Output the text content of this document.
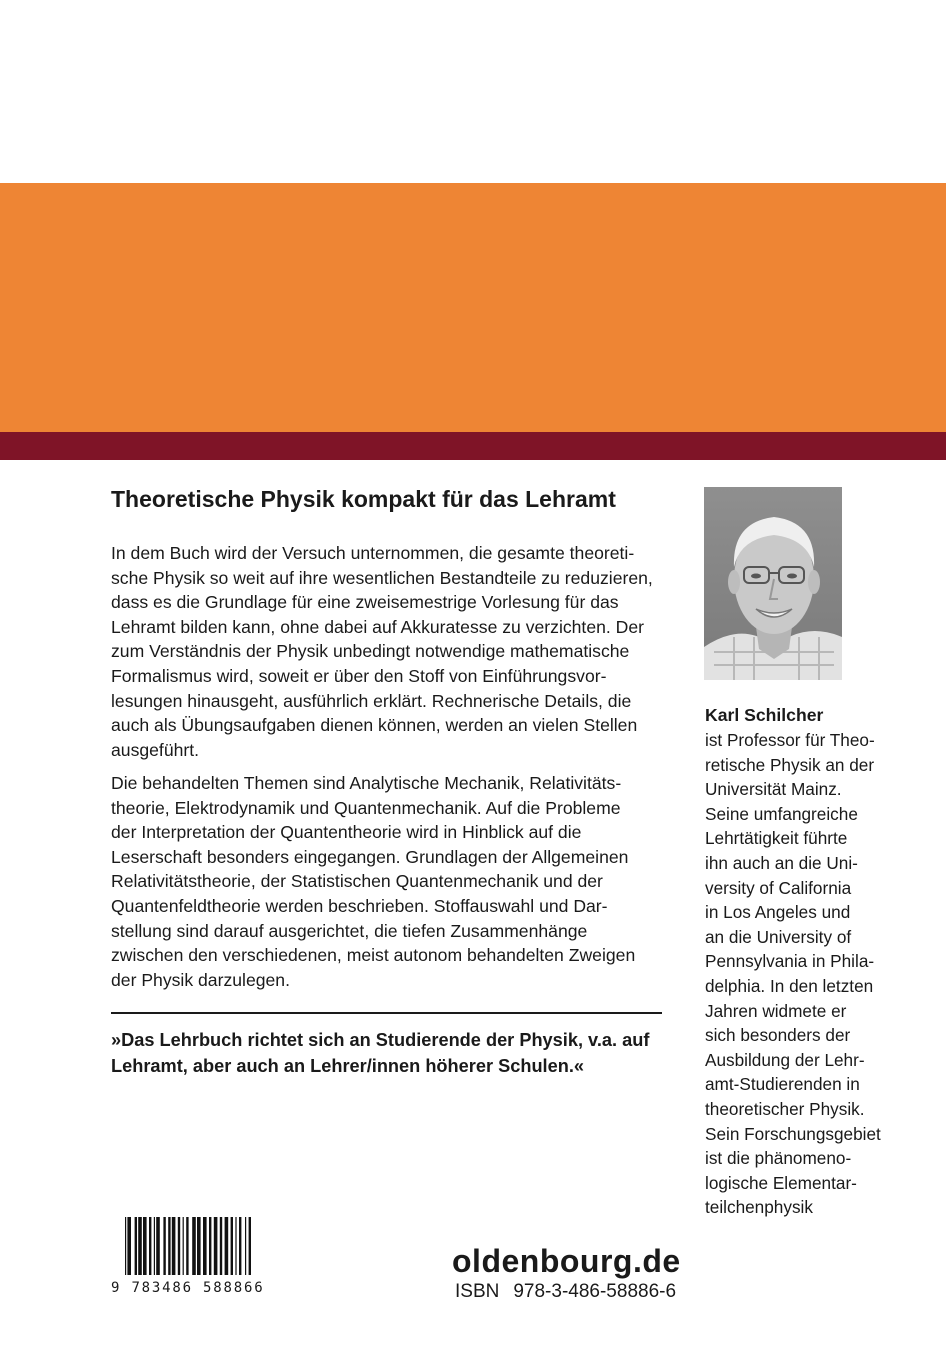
Theoretische Physik kompakt für das Lehramt

In dem Buch wird der Versuch unternommen, die gesamte theoreti-
sche Physik so weit auf ihre wesentlichen Bestandteile zu reduzieren,
dass es die Grundlage für eine zweisemestrige Vorlesung für das
Lehramt bilden kann, ohne dabei auf Akkuratesse zu verzichten. Der
zum Verständnis der Physik unbedingt notwendige mathematische
Formalismus wird, soweit er über den Stoff von Einführungsvor-
lesungen hinausgeht, ausführlich erklärt. Rechnerische Details, die
auch als Übungsaufgaben dienen können, werden an vielen Stellen
ausgeführt.

Die behandelten Themen sind Analytische Mechanik, Relativitäts-
theorie, Elektrodynamik und Quantenmechanik. Auf die Probleme
der Interpretation der Quantentheorie wird in Hinblick auf die
Leserschaft besonders eingegangen. Grundlagen der Allgemeinen
Relativitätstheorie, der Statistischen Quantenmechanik und der
Quantenfeldtheorie werden beschrieben. Stoffauswahl und Dar-
stellung sind darauf ausgerichtet, die tiefen Zusammenhänge
zwischen den verschiedenen, meist autonom behandelten Zweigen
der Physik darzulegen.

»Das Lehrbuch richtet sich an Studierende der Physik, v.a. auf
Lehramt, aber auch an Lehrer/innen höherer Schulen.«

Karl Schilcher

ist Professor für Theo-
retische Physik an der
Universität Mainz.
Seine umfangreiche
Lehrtätigkeit führte
ihn auch an die Uni-
versity of California
in Los Angeles und
an die University of
Pennsylvania in Phila-
delphia. In den letzten
Jahren widmete er
sich besonders der
Ausbildung der Lehr-
amt-Studierenden in
theoretischer Physik.
Sein Forschungsgebiet
ist die phänomeno-
logische Elementar-
teilchenphysik

9 783486 588866

oldenbourg.de

ISBN 978-3-486-58886-6
